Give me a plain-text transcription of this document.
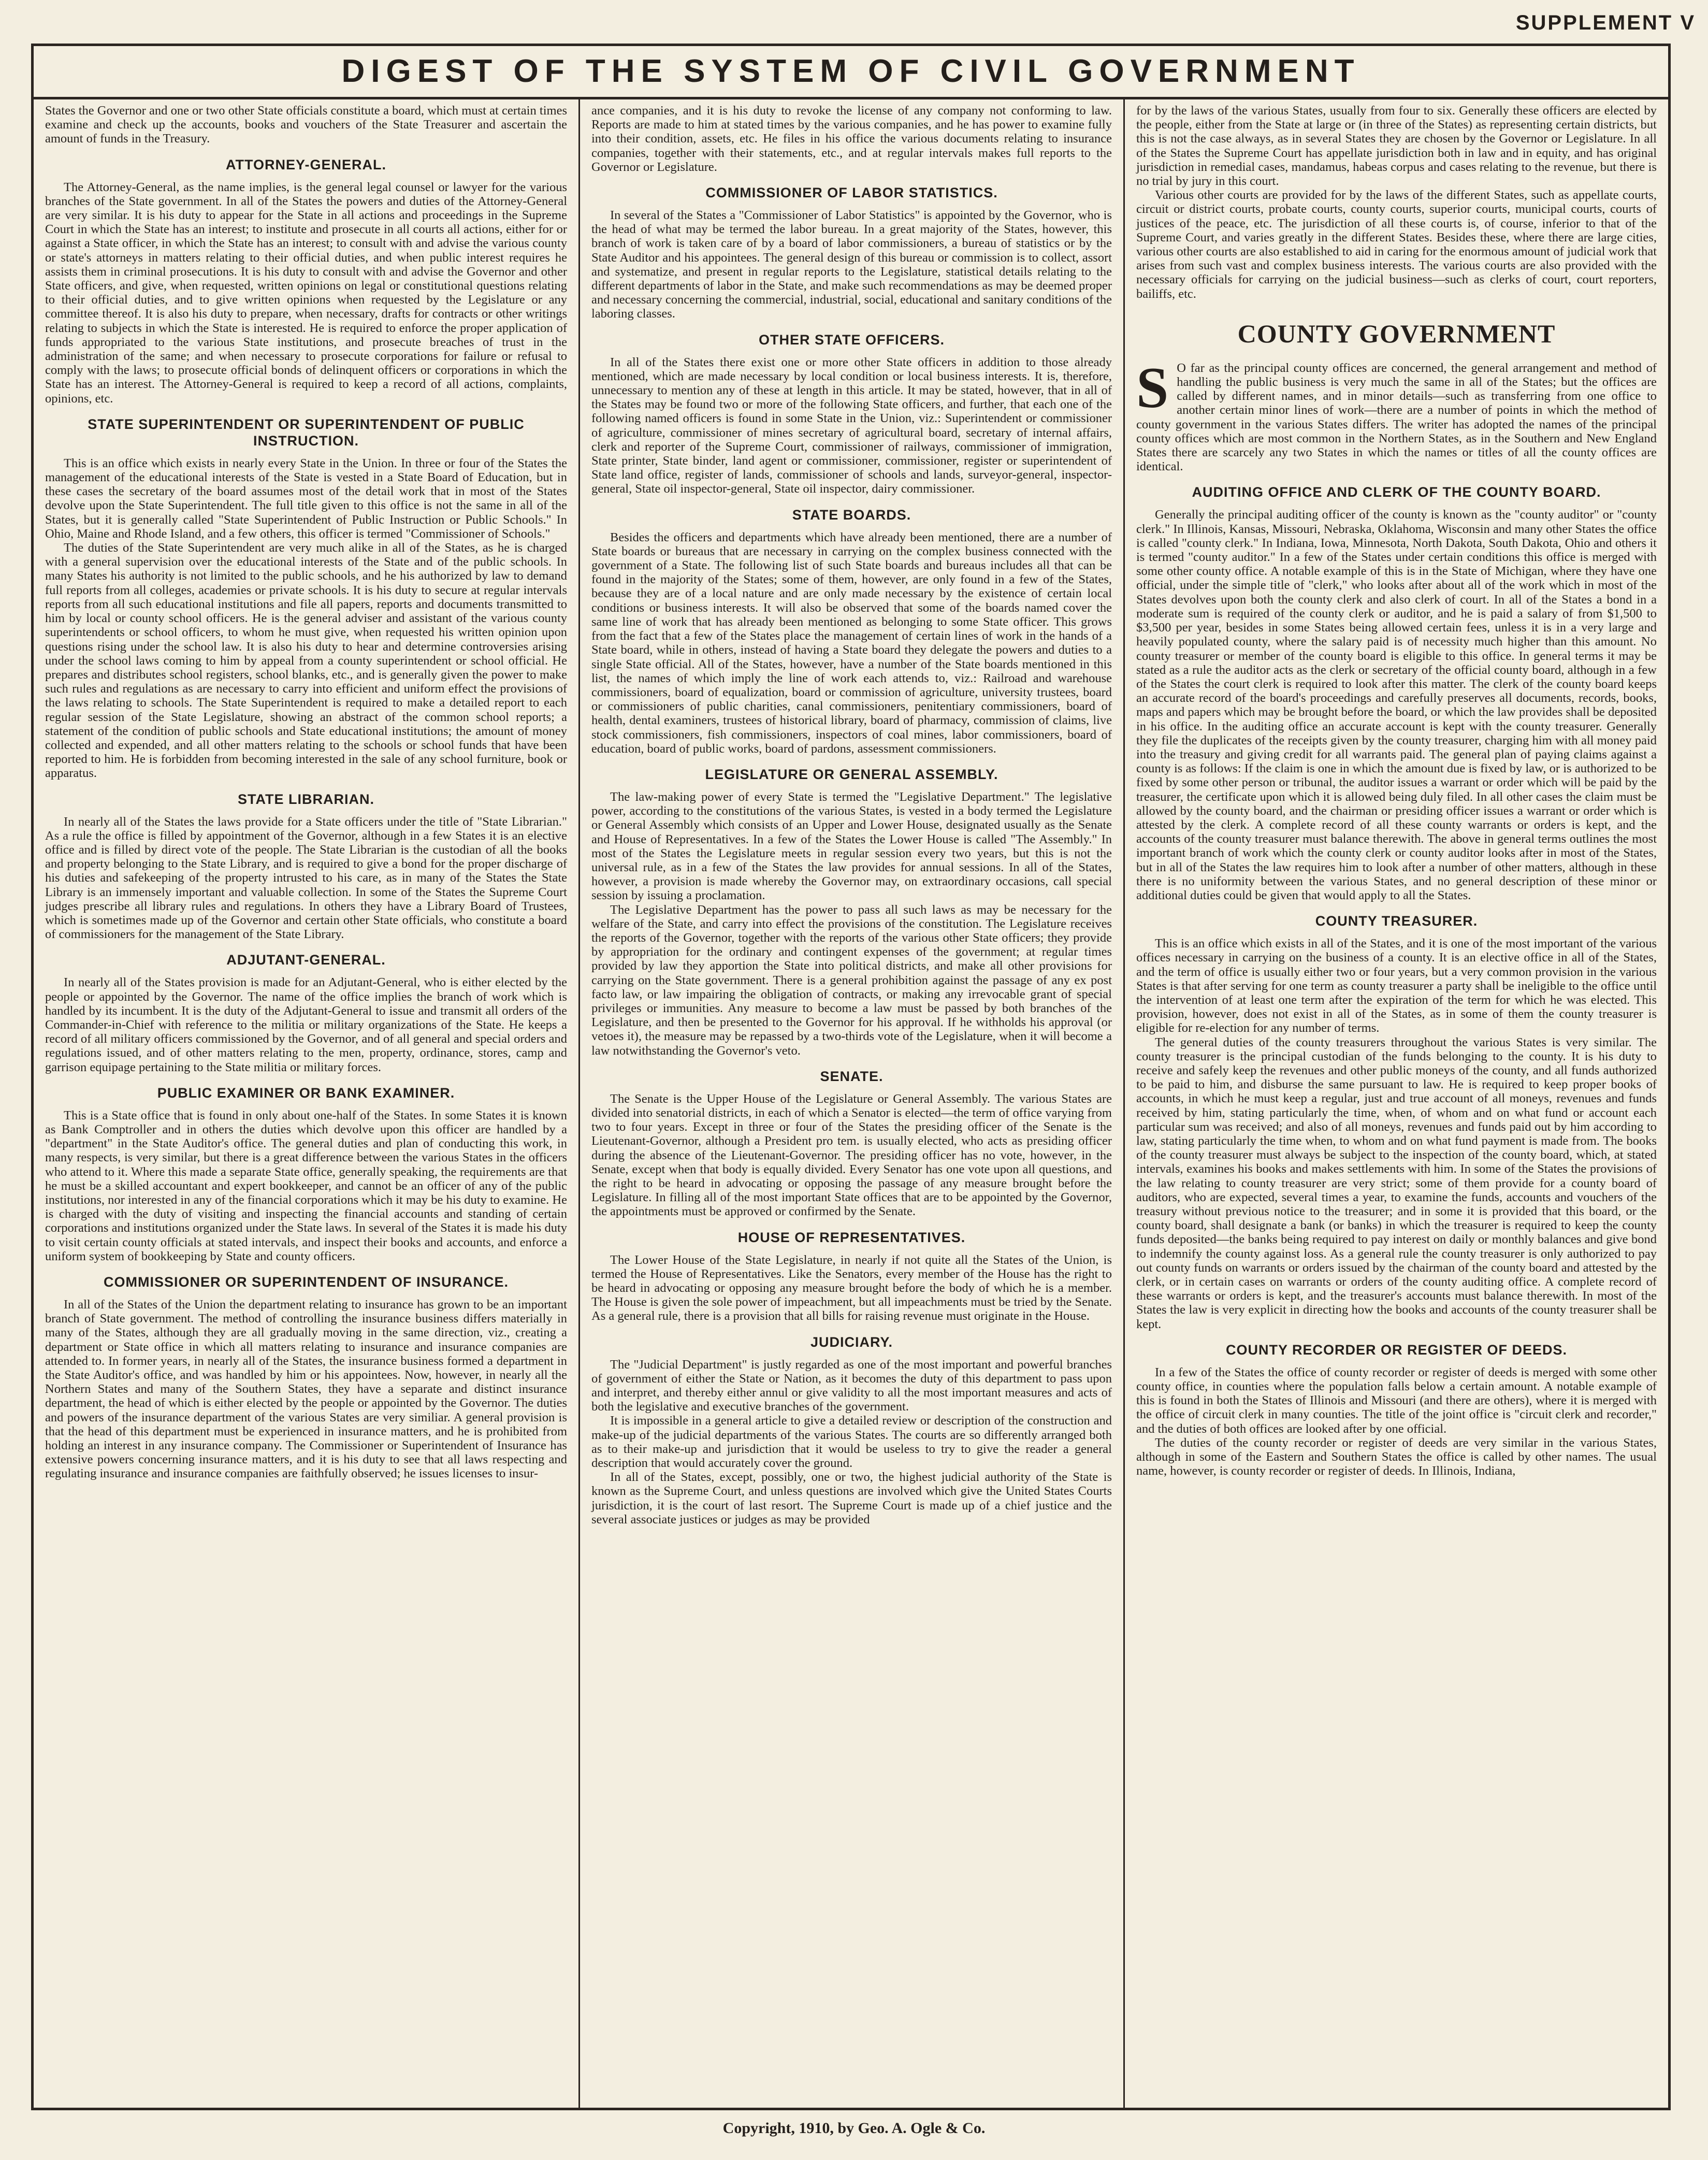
SUPPLEMENT V
DIGEST OF THE SYSTEM OF CIVIL GOVERNMENT

States the Governor and one or two other State officials constitute a board, which must at certain times examine and check up the accounts, books and vouchers of the State Treasurer and ascertain the amount of funds in the Treasury.

ATTORNEY-GENERAL.

The Attorney-General, as the name implies, is the general legal counsel or lawyer for the various branches of the State government. In all of the States the powers and duties of the Attorney-General are very similar. It is his duty to appear for the State in all actions and proceedings in the Supreme Court in which the State has an interest; to institute and prosecute in all courts all actions, either for or against a State officer, in which the State has an interest; to consult with and advise the various county or state's attorneys in matters relating to their official duties, and when public interest requires he assists them in criminal prosecutions. It is his duty to consult with and advise the Governor and other State officers, and give, when requested, written opinions on legal or constitutional questions relating to their official duties, and to give written opinions when requested by the Legislature or any committee thereof. It is also his duty to prepare, when necessary, drafts for contracts or other writings relating to subjects in which the State is interested. He is required to enforce the proper application of funds appropriated to the various State institutions, and prosecute breaches of trust in the administration of the same; and when necessary to prosecute corporations for failure or refusal to comply with the laws; to prosecute official bonds of delinquent officers or corporations in which the State has an interest. The Attorney-General is required to keep a record of all actions, complaints, opinions, etc.

STATE SUPERINTENDENT OR SUPERINTENDENT OF PUBLIC INSTRUCTION.

This is an office which exists in nearly every State in the Union. In three or four of the States the management of the educational interests of the State is vested in a State Board of Education, but in these cases the secretary of the board assumes most of the detail work that in most of the States devolve upon the State Superintendent. The full title given to this office is not the same in all of the States, but it is generally called "State Superintendent of Public Instruction or Public Schools." In Ohio, Maine and Rhode Island, and a few others, this officer is termed "Commissioner of Schools."

The duties of the State Superintendent are very much alike in all of the States, as he is charged with a general supervision over the educational interests of the State and of the public schools. In many States his authority is not limited to the public schools, and he his authorized by law to demand full reports from all colleges, academies or private schools. It is his duty to secure at regular intervals reports from all such educational institutions and file all papers, reports and documents transmitted to him by local or county school officers. He is the general adviser and assistant of the various county superintendents or school officers, to whom he must give, when requested his written opinion upon questions rising under the school law. It is also his duty to hear and determine controversies arising under the school laws coming to him by appeal from a county superintendent or school official. He prepares and distributes school registers, school blanks, etc., and is generally given the power to make such rules and regulations as are necessary to carry into efficient and uniform effect the provisions of the laws relating to schools. The State Superintendent is required to make a detailed report to each regular session of the State Legislature, showing an abstract of the common school reports; a statement of the condition of public schools and State educational institutions; the amount of money collected and expended, and all other matters relating to the schools or school funds that have been reported to him. He is forbidden from becoming interested in the sale of any school furniture, book or apparatus.

STATE LIBRARIAN.

In nearly all of the States the laws provide for a State officers under the title of "State Librarian." As a rule the office is filled by appointment of the Governor, although in a few States it is an elective office and is filled by direct vote of the people. The State Librarian is the custodian of all the books and property belonging to the State Library, and is required to give a bond for the proper discharge of his duties and safekeeping of the property intrusted to his care, as in many of the States the State Library is an immensely important and valuable collection. In some of the States the Supreme Court judges prescribe all library rules and regulations. In others they have a Library Board of Trustees, which is sometimes made up of the Governor and certain other State officials, who constitute a board of commissioners for the management of the State Library.

ADJUTANT-GENERAL.

In nearly all of the States provision is made for an Adjutant-General, who is either elected by the people or appointed by the Governor. The name of the office implies the branch of work which is handled by its incumbent. It is the duty of the Adjutant-General to issue and transmit all orders of the Commander-in-Chief with reference to the militia or military organizations of the State. He keeps a record of all military officers commissioned by the Governor, and of all general and special orders and regulations issued, and of other matters relating to the men, property, ordinance, stores, camp and garrison equipage pertaining to the State militia or military forces.

PUBLIC EXAMINER OR BANK EXAMINER.

This is a State office that is found in only about one-half of the States. In some States it is known as Bank Comptroller and in others the duties which devolve upon this officer are handled by a "department" in the State Auditor's office. The general duties and plan of conducting this work, in many respects, is very similar, but there is a great difference between the various States in the officers who attend to it. Where this made a separate State office, generally speaking, the requirements are that he must be a skilled accountant and expert bookkeeper, and cannot be an officer of any of the public institutions, nor interested in any of the financial corporations which it may be his duty to examine. He is charged with the duty of visiting and inspecting the financial accounts and standing of certain corporations and institutions organized under the State laws. In several of the States it is made his duty to visit certain county officials at stated intervals, and inspect their books and accounts, and enforce a uniform system of bookkeeping by State and county officers.

COMMISSIONER OR SUPERINTENDENT OF INSURANCE.

In all of the States of the Union the department relating to insurance has grown to be an important branch of State government. The method of controlling the insurance business differs materially in many of the States, although they are all gradually moving in the same direction, viz., creating a department or State office in which all matters relating to insurance and insurance companies are attended to. In former years, in nearly all of the States, the insurance business formed a department in the State Auditor's office, and was handled by him or his appointees. Now, however, in nearly all the Northern States and many of the Southern States, they have a separate and distinct insurance department, the head of which is either elected by the people or appointed by the Governor. The duties and powers of the insurance department of the various States are very similiar. A general provision is that the head of this department must be experienced in insurance matters, and he is prohibited from holding an interest in any insurance company. The Commissioner or Superintendent of Insurance has extensive powers concerning insurance matters, and it is his duty to see that all laws respecting and regulating insurance and insurance companies are faithfully observed; he issues licenses to insur-

ance companies, and it is his duty to revoke the license of any company not conforming to law. Reports are made to him at stated times by the various companies, and he has power to examine fully into their condition, assets, etc. He files in his office the various documents relating to insurance companies, together with their statements, etc., and at regular intervals makes full reports to the Governor or Legislature.

COMMISSIONER OF LABOR STATISTICS.

In several of the States a "Commissioner of Labor Statistics" is appointed by the Governor, who is the head of what may be termed the labor bureau. In a great majority of the States, however, this branch of work is taken care of by a board of labor commissioners, a bureau of statistics or by the State Auditor and his appointees. The general design of this bureau or commission is to collect, assort and systematize, and present in regular reports to the Legislature, statistical details relating to the different departments of labor in the State, and make such recommendations as may be deemed proper and necessary concerning the commercial, industrial, social, educational and sanitary conditions of the laboring classes.

OTHER STATE OFFICERS.

In all of the States there exist one or more other State officers in addition to those already mentioned, which are made necessary by local condition or local business interests. It is, therefore, unnecessary to mention any of these at length in this article. It may be stated, however, that in all of the States may be found two or more of the following State officers, and further, that each one of the following named officers is found in some State in the Union, viz.: Superintendent or commissioner of agriculture, commissioner of mines secretary of agricultural board, secretary of internal affairs, clerk and reporter of the Supreme Court, commissioner of railways, commissioner of immigration, State printer, State binder, land agent or commissioner, commissioner, register or superintendent of State land office, register of lands, commissioner of schools and lands, surveyor-general, inspector-general, State oil inspector-general, State oil inspector, dairy commissioner.

STATE BOARDS.

Besides the officers and departments which have already been mentioned, there are a number of State boards or bureaus that are necessary in carrying on the complex business connected with the government of a State. The following list of such State boards and bureaus includes all that can be found in the majority of the States; some of them, however, are only found in a few of the States, because they are of a local nature and are only made necessary by the existence of certain local conditions or business interests. It will also be observed that some of the boards named cover the same line of work that has already been mentioned as belonging to some State officer. This grows from the fact that a few of the States place the management of certain lines of work in the hands of a State board, while in others, instead of having a State board they delegate the powers and duties to a single State official. All of the States, however, have a number of the State boards mentioned in this list, the names of which imply the line of work each attends to, viz.: Railroad and warehouse commissioners, board of equalization, board or commission of agriculture, university trustees, board or commissioners of public charities, canal commissioners, penitentiary commissioners, board of health, dental examiners, trustees of historical library, board of pharmacy, commission of claims, live stock commissioners, fish commissioners, inspectors of coal mines, labor commissioners, board of education, board of public works, board of pardons, assessment commissioners.

LEGISLATURE OR GENERAL ASSEMBLY.

The law-making power of every State is termed the "Legislative Department." The legislative power, according to the constitutions of the various States, is vested in a body termed the Legislature or General Assembly which consists of an Upper and Lower House, designated usually as the Senate and House of Representatives. In a few of the States the Lower House is called "The Assembly." In most of the States the Legislature meets in regular session every two years, but this is not the universal rule, as in a few of the States the law provides for annual sessions. In all of the States, however, a provision is made whereby the Governor may, on extraordinary occasions, call special session by issuing a proclamation.

The Legislative Department has the power to pass all such laws as may be necessary for the welfare of the State, and carry into effect the provisions of the constitution. The Legislature receives the reports of the Governor, together with the reports of the various other State officers; they provide by appropriation for the ordinary and contingent expenses of the government; at regular times provided by law they apportion the State into political districts, and make all other provisions for carrying on the State government. There is a general prohibition against the passage of any ex post facto law, or law impairing the obligation of contracts, or making any irrevocable grant of special privileges or immunities. Any measure to become a law must be passed by both branches of the Legislature, and then be presented to the Governor for his approval. If he withholds his approval (or vetoes it), the measure may be repassed by a two-thirds vote of the Legislature, when it will become a law notwithstanding the Governor's veto.

SENATE.

The Senate is the Upper House of the Legislature or General Assembly. The various States are divided into senatorial districts, in each of which a Senator is elected—the term of office varying from two to four years. Except in three or four of the States the presiding officer of the Senate is the Lieutenant-Governor, although a President pro tem. is usually elected, who acts as presiding officer during the absence of the Lieutenant-Governor. The presiding officer has no vote, however, in the Senate, except when that body is equally divided. Every Senator has one vote upon all questions, and the right to be heard in advocating or opposing the passage of any measure brought before the Legislature. In filling all of the most important State offices that are to be appointed by the Governor, the appointments must be approved or confirmed by the Senate.

HOUSE OF REPRESENTATIVES.

The Lower House of the State Legislature, in nearly if not quite all the States of the Union, is termed the House of Representatives. Like the Senators, every member of the House has the right to be heard in advocating or opposing any measure brought before the body of which he is a member. The House is given the sole power of impeachment, but all impeachments must be tried by the Senate. As a general rule, there is a provision that all bills for raising revenue must originate in the House.

JUDICIARY.

The "Judicial Department" is justly regarded as one of the most important and powerful branches of government of either the State or Nation, as it becomes the duty of this department to pass upon and interpret, and thereby either annul or give validity to all the most important measures and acts of both the legislative and executive branches of the government.

It is impossible in a general article to give a detailed review or description of the construction and make-up of the judicial departments of the various States. The courts are so differently arranged both as to their make-up and jurisdiction that it would be useless to try to give the reader a general description that would accurately cover the ground.

In all of the States, except, possibly, one or two, the highest judicial authority of the State is known as the Supreme Court, and unless questions are involved which give the United States Courts jurisdiction, it is the court of last resort. The Supreme Court is made up of a chief justice and the several associate justices or judges as may be provided

for by the laws of the various States, usually from four to six. Generally these officers are elected by the people, either from the State at large or (in three of the States) as representing certain districts, but this is not the case always, as in several States they are chosen by the Governor or Legislature. In all of the States the Supreme Court has appellate jurisdiction both in law and in equity, and has original jurisdiction in remedial cases, mandamus, habeas corpus and cases relating to the revenue, but there is no trial by jury in this court.

Various other courts are provided for by the laws of the different States, such as appellate courts, circuit or district courts, probate courts, county courts, superior courts, municipal courts, courts of justices of the peace, etc. The jurisdiction of all these courts is, of course, inferior to that of the Supreme Court, and varies greatly in the different States. Besides these, where there are large cities, various other courts are also established to aid in caring for the enormous amount of judicial work that arises from such vast and complex business interests. The various courts are also provided with the necessary officials for carrying on the judicial business—such as clerks of court, court reporters, bailiffs, etc.

COUNTY GOVERNMENT

S O far as the principal county offices are concerned, the general arrangement and method of handling the public business is very much the same in all of the States; but the offices are called by different names, and in minor details—such as transferring from one office to another certain minor lines of work—there are a number of points in which the method of county government in the various States differs. The writer has adopted the names of the principal county offices which are most common in the Northern States, as in the Southern and New England States there are scarcely any two States in which the names or titles of all the county offices are identical.

AUDITING OFFICE AND CLERK OF THE COUNTY BOARD.

Generally the principal auditing officer of the county is known as the "county auditor" or "county clerk." In Illinois, Kansas, Missouri, Nebraska, Oklahoma, Wisconsin and many other States the office is called "county clerk." In Indiana, Iowa, Minnesota, North Dakota, South Dakota, Ohio and others it is termed "county auditor." In a few of the States under certain conditions this office is merged with some other county office. A notable example of this is in the State of Michigan, where they have one official, under the simple title of "clerk," who looks after about all of the work which in most of the States devolves upon both the county clerk and also clerk of court. In all of the States a bond in a moderate sum is required of the county clerk or auditor, and he is paid a salary of from $1,500 to $3,500 per year, besides in some States being allowed certain fees, unless it is in a very large and heavily populated county, where the salary paid is of necessity much higher than this amount. No county treasurer or member of the county board is eligible to this office. In general terms it may be stated as a rule the auditor acts as the clerk or secretary of the official county board, although in a few of the States the court clerk is required to look after this matter. The clerk of the county board keeps an accurate record of the board's proceedings and carefully preserves all documents, records, books, maps and papers which may be brought before the board, or which the law provides shall be deposited in his office. In the auditing office an accurate account is kept with the county treasurer. Generally they file the duplicates of the receipts given by the county treasurer, charging him with all money paid into the treasury and giving credit for all warrants paid. The general plan of paying claims against a county is as follows: If the claim is one in which the amount due is fixed by law, or is authorized to be fixed by some other person or tribunal, the auditor issues a warrant or order which will be paid by the treasurer, the certificate upon which it is allowed being duly filed. In all other cases the claim must be allowed by the county board, and the chairman or presiding officer issues a warrant or order which is attested by the clerk. A complete record of all these county warrants or orders is kept, and the accounts of the county treasurer must balance therewith. The above in general terms outlines the most important branch of work which the county clerk or county auditor looks after in most of the States, but in all of the States the law requires him to look after a number of other matters, although in these there is no uniformity between the various States, and no general description of these minor or additional duties could be given that would apply to all the States.

COUNTY TREASURER.

This is an office which exists in all of the States, and it is one of the most important of the various offices necessary in carrying on the business of a county. It is an elective office in all of the States, and the term of office is usually either two or four years, but a very common provision in the various States is that after serving for one term as county treasurer a party shall be ineligible to the office until the intervention of at least one term after the expiration of the term for which he was elected. This provision, however, does not exist in all of the States, as in some of them the county treasurer is eligible for re-election for any number of terms.

The general duties of the county treasurers throughout the various States is very similar. The county treasurer is the principal custodian of the funds belonging to the county. It is his duty to receive and safely keep the revenues and other public moneys of the county, and all funds authorized to be paid to him, and disburse the same pursuant to law. He is required to keep proper books of accounts, in which he must keep a regular, just and true account of all moneys, revenues and funds received by him, stating particularly the time, when, of whom and on what fund or account each particular sum was received; and also of all moneys, revenues and funds paid out by him according to law, stating particularly the time when, to whom and on what fund payment is made from. The books of the county treasurer must always be subject to the inspection of the county board, which, at stated intervals, examines his books and makes settlements with him. In some of the States the provisions of the law relating to county treasurer are very strict; some of them provide for a county board of auditors, who are expected, several times a year, to examine the funds, accounts and vouchers of the treasury without previous notice to the treasurer; and in some it is provided that this board, or the county board, shall designate a bank (or banks) in which the treasurer is required to keep the county funds deposited—the banks being required to pay interest on daily or monthly balances and give bond to indemnify the county against loss. As a general rule the county treasurer is only authorized to pay out county funds on warrants or orders issued by the chairman of the county board and attested by the clerk, or in certain cases on warrants or orders of the county auditing office. A complete record of these warrants or orders is kept, and the treasurer's accounts must balance therewith. In most of the States the law is very explicit in directing how the books and accounts of the county treasurer shall be kept.

COUNTY RECORDER OR REGISTER OF DEEDS.

In a few of the States the office of county recorder or register of deeds is merged with some other county office, in counties where the population falls below a certain amount. A notable example of this is found in both the States of Illinois and Missouri (and there are others), where it is merged with the office of circuit clerk in many counties. The title of the joint office is "circuit clerk and recorder," and the duties of both offices are looked after by one official.

The duties of the county recorder or register of deeds are very similar in the various States, although in some of the Eastern and Southern States the office is called by other names. The usual name, however, is county recorder or register of deeds. In Illinois, Indiana,

Copyright, 1910, by Geo. A. Ogle & Co.
